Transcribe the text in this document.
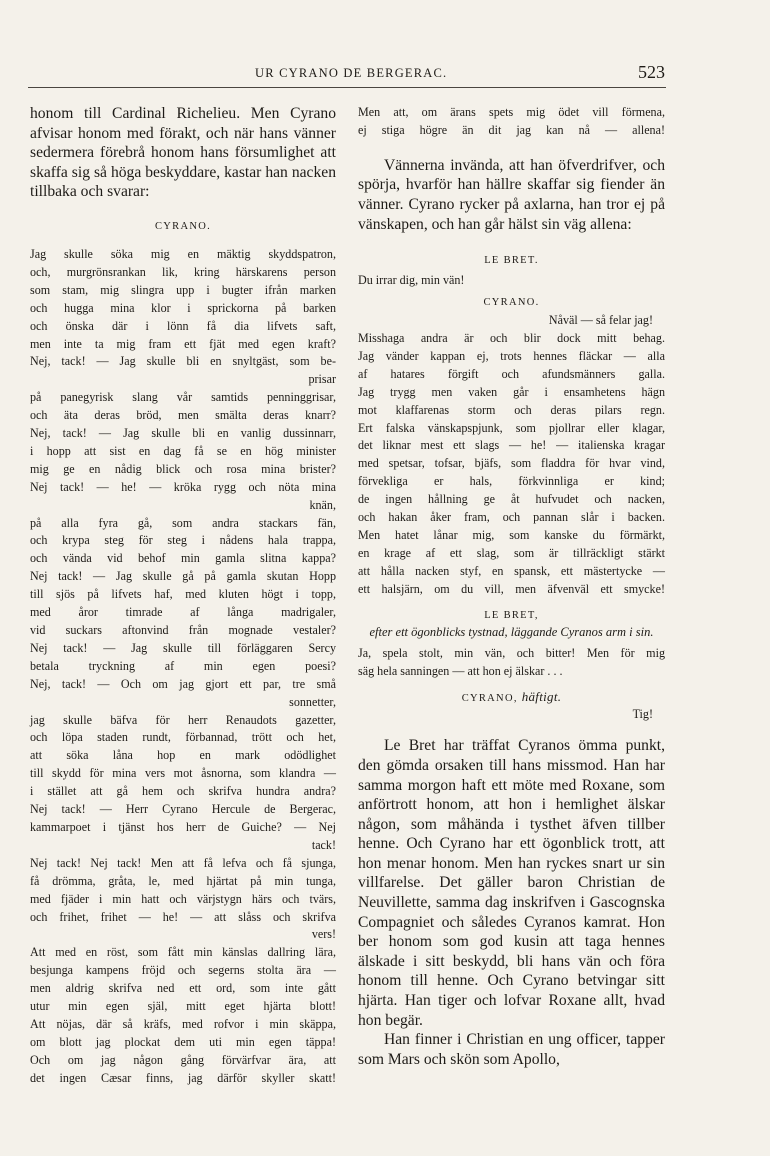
UR CYRANO DE BERGERAC.	523

honom till Cardinal Richelieu. Men Cyrano afvisar honom med förakt, och när hans vänner sedermera förebrå honom hans försumlighet att skaffa sig så höga beskyddare, kastar han nacken tillbaka och svarar:

CYRANO.

Jag skulle söka mig en mäktig skyddspatron,
och, murgrönsrankan lik, kring härskarens person
som stam, mig slingra upp i bugter ifrån marken
och hugga mina klor i sprickorna på barken
och önska där i lönn få dia lifvets saft,
men inte ta mig fram ett fjät med egen kraft?
Nej, tack! — Jag skulle bli en snyltgäst, som be-
prisar
på panegyrisk slang vår samtids penninggrisar,
och äta deras bröd, men smälta deras knarr?
Nej, tack! — Jag skulle bli en vanlig dussinnarr,
i hopp att sist en dag få se en hög minister
mig ge en nådig blick och rosa mina brister?
Nej tack! — he! — kröka rygg och nöta mina
knän,
på alla fyra gå, som andra stackars fän,
och krypa steg för steg i nådens hala trappa,
och vända vid behof min gamla slitna kappa?
Nej tack! — Jag skulle gå på gamla skutan Hopp
till sjös på lifvets haf, med kluten högt i topp,
med åror timrade af långa madrigaler,
vid suckars aftonvind från mognade vestaler?
Nej tack! — Jag skulle till förläggaren Sercy
betala tryckning af min egen poesi?
Nej, tack! — Och om jag gjort ett par, tre små
sonnetter,
jag skulle bäfva för herr Renaudots gazetter,
och löpa staden rundt, förbannad, trött och het,
att söka låna hop en mark odödlighet
till skydd för mina vers mot åsnorna, som klandra —
i stället att gå hem och skrifva hundra andra?
Nej tack! — Herr Cyrano Hercule de Bergerac,
kammarpoet i tjänst hos herr de Guiche? — Nej
tack!
Nej tack! Nej tack! Men att få lefva och få sjunga,
få drömma, gråta, le, med hjärtat på min tunga,
med fjäder i min hatt och värjstygn härs och tvärs,
och frihet, frihet — he! — att slåss och skrifva
vers!
Att med en röst, som fått min känslas dallring lära,
besjunga kampens fröjd och segerns stolta ära —
men aldrig skrifva ned ett ord, som inte gått
utur min egen själ, mitt eget hjärta blott!
Att nöjas, där så kräfs, med rofvor i min skäppa,
om blott jag plockat dem uti min egen täppa!
Och om jag någon gång förvärfvar ära, att
det ingen Cæsar finns, jag därför skyller skatt!
Men att, om ärans spets mig ödet vill förmena,
ej stiga högre än dit jag kan nå — allena!

Vännerna invända, att han öfverdrifver, och spörja, hvarför han hällre skaffar sig fiender än vänner. Cyrano rycker på axlarna, han tror ej på vänskapen, och han går hälst sin väg allena:

LE BRET.

Du irrar dig, min vän!

CYRANO.

Nåväl — så felar jag!
Misshaga andra är och blir dock mitt behag.
Jag vänder kappan ej, trots hennes fläckar — alla
af hatares förgift och afundsmänners galla.
Jag trygg men vaken går i ensamhetens hägn
mot klaffarenas storm och deras pilars regn.
Ert falska vänskapspjunk, som pjollrar eller klagar,
det liknar mest ett slags — he! — italienska kragar
med spetsar, tofsar, bjäfs, som fladdra för hvar vind,
förvekliga er hals, förkvinnliga er kind;
de ingen hållning ge åt hufvudet och nacken,
och hakan åker fram, och pannan slår i backen.
Men hatet lånar mig, som kanske du förmärkt,
en krage af ett slag, som är tillräckligt stärkt
att hålla nacken styf, en spansk, ett mästertycke —
ett halsjärn, om du vill, men äfvenväl ett smycke!

LE BRET,

efter ett ögonblicks tystnad, läggande Cyranos arm i sin.

Ja, spela stolt, min vän, och bitter! Men för mig
säg hela sanningen — att hon ej älskar . . .

CYRANO, häftigt.

Tig!

Le Bret har träffat Cyranos ömma punkt, den gömda orsaken till hans missmod. Han har samma morgon haft ett möte med Roxane, som anförtrott honom, att hon i hemlighet älskar någon, som måhända i tysthet äfven tillber henne. Och Cyrano har ett ögonblick trott, att hon menar honom. Men han ryckes snart ur sin villfarelse. Det gäller baron Christian de Neuvillette, samma dag inskrifven i Gascognska Compagniet och således Cyranos kamrat. Hon ber honom som god kusin att taga hennes älskade i sitt beskydd, bli hans vän och föra honom till henne. Och Cyrano betvingar sitt hjärta. Han tiger och lofvar Roxane allt, hvad hon begär.

Han finner i Christian en ung officer, tapper som Mars och skön som Apollo,
